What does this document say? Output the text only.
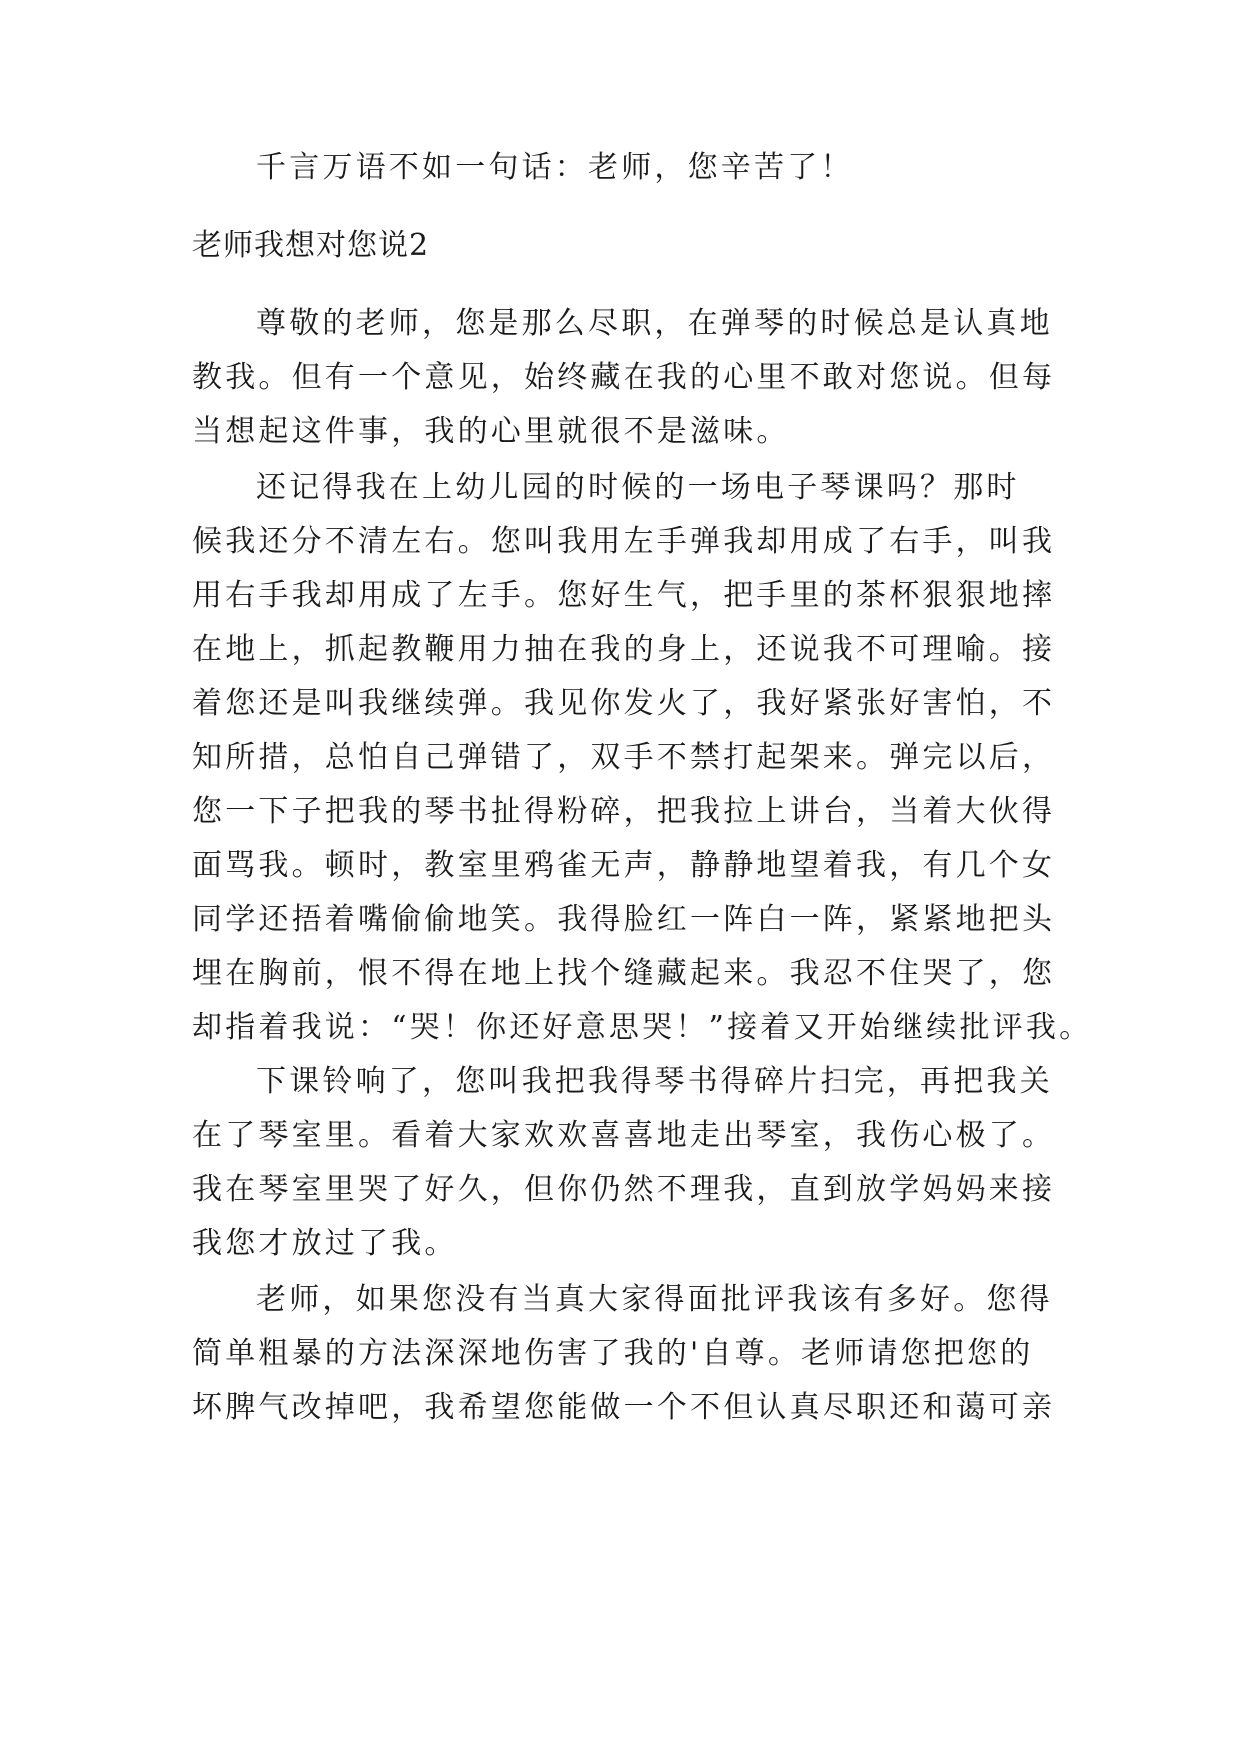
千言万语不如一句话：老师，您辛苦了！
老师我想对您说2
尊敬的老师，您是那么尽职，在弹琴的时候总是认真地
教我。但有一个意见，始终藏在我的心里不敢对您说。但每
当想起这件事，我的心里就很不是滋味。
还记得我在上幼儿园的时候的一场电子琴课吗？那时
候我还分不清左右。您叫我用左手弹我却用成了右手，叫我
用右手我却用成了左手。您好生气，把手里的茶杯狠狠地摔
在地上，抓起教鞭用力抽在我的身上，还说我不可理喻。接
着您还是叫我继续弹。我见你发火了，我好紧张好害怕，不
知所措，总怕自己弹错了，双手不禁打起架来。弹完以后，
您一下子把我的琴书扯得粉碎，把我拉上讲台，当着大伙得
面骂我。顿时，教室里鸦雀无声，静静地望着我，有几个女
同学还捂着嘴偷偷地笑。我得脸红一阵白一阵，紧紧地把头
埋在胸前，恨不得在地上找个缝藏起来。我忍不住哭了，您
却指着我说：“哭！你还好意思哭！”接着又开始继续批评我。
下课铃响了，您叫我把我得琴书得碎片扫完，再把我关
在了琴室里。看着大家欢欢喜喜地走出琴室，我伤心极了。
我在琴室里哭了好久，但你仍然不理我，直到放学妈妈来接
我您才放过了我。
老师，如果您没有当真大家得面批评我该有多好。您得
简单粗暴的方法深深地伤害了我的'自尊。老师请您把您的
坏脾气改掉吧，我希望您能做一个不但认真尽职还和蔼可亲
